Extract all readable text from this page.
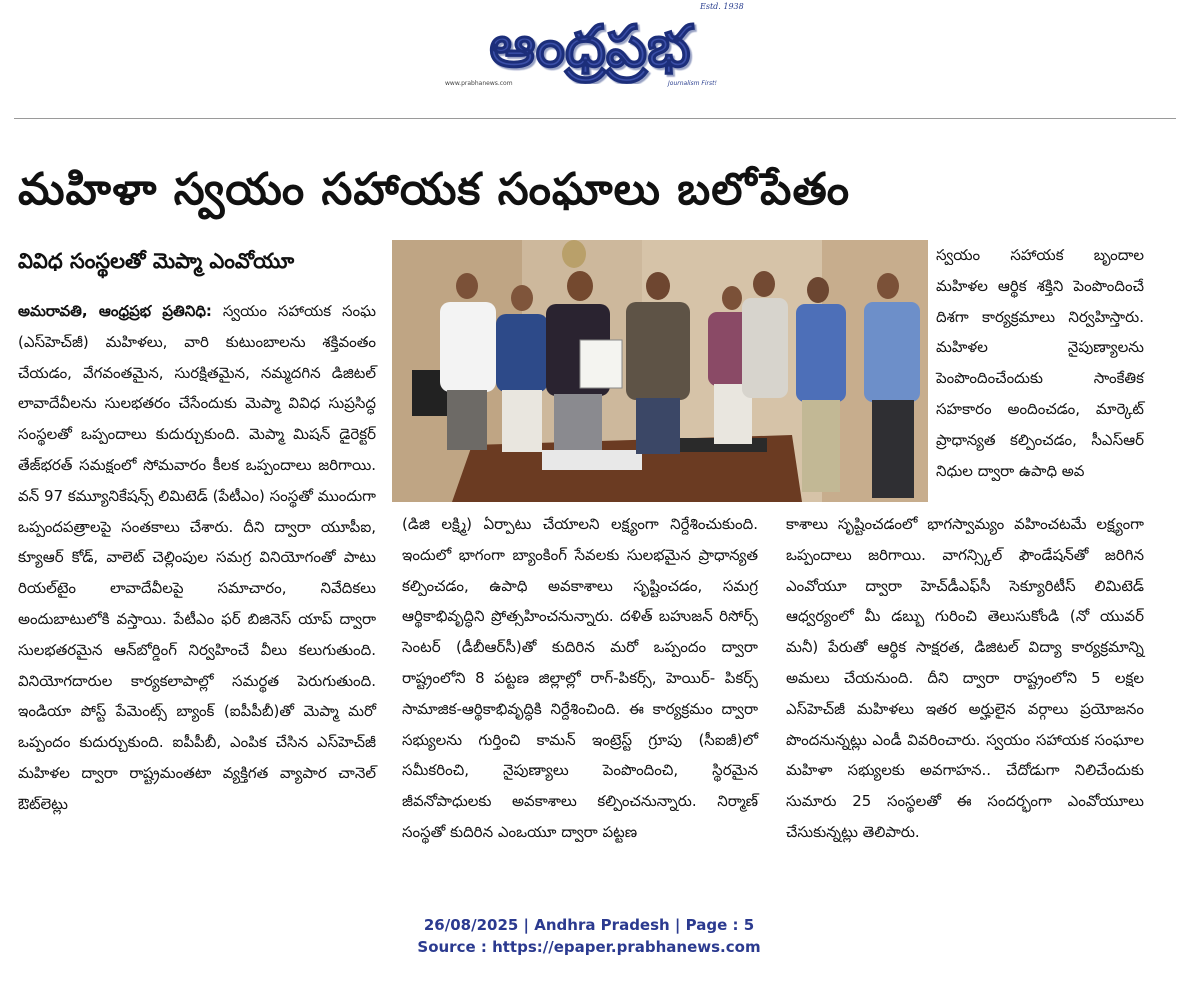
ఆంధ్రప్రభ
Estd. 1938
www.prabhanews.com	Journalism First!
మహిళా స్వయం సహాయక సంఘాలు బలోపేతం
వివిధ సంస్థలతో మెప్మా ఎంవోయూ

అమరావతి, ఆంధ్రప్రభ ప్రతినిధి: స్వయం సహాయక సంఘ (ఎస్‌హెచ్‌జీ) మహిళలు, వారి కుటుంబాలను శక్తివంతం చేయడం, వేగవంతమైన, సురక్షితమైన, నమ్మదగిన డిజిటల్ లావాదేవీలను సులభతరం చేసేందుకు మెప్మా వివిధ సుప్రసిద్ధ సంస్థలతో ఒప్పందాలు కుదుర్చుకుంది. మెప్మా మిషన్ డైరెక్టర్ తేజ్‌భరత్ సమక్షంలో సోమవారం కీలక ఒప్పందాలు జరిగాయి. వన్ 97 కమ్యూనికేషన్స్ లిమిటెడ్ (పేటీఎం) సంస్థతో ముందుగా ఒప్పందపత్రాలపై సంతకాలు చేశారు. దీని ద్వారా యూపీఐ, క్యూఆర్ కోడ్, వాలెట్ చెల్లింపుల సమగ్ర వినియోగంతో పాటు రియల్‌టైం లావాదేవీలపై సమాచారం, నివేదికలు అందుబాటులోకి వస్తాయి. పేటీఎం ఫర్ బిజినెస్ యాప్ ద్వారా సులభతరమైన ఆన్‌బోర్డింగ్ నిర్వహించే వీలు కలుగుతుంది. వినియోగదారుల కార్యకలాపాల్లో సమర్థత పెరుగుతుంది. ఇండియా పోస్ట్ పేమెంట్స్ బ్యాంక్ (ఐపీపీబీ)తో మెప్మా మరో ఒప్పందం కుదుర్చుకుంది. ఐపీపీబీ, ఎంపిక చేసిన ఎస్‌హెచ్‌జీ మహిళల ద్వారా రాష్ట్రమంతటా వ్యక్తిగత వ్యాపార చానెల్ ఔట్‌లెట్లు

(డిజి లక్ష్మి) ఏర్పాటు చేయాలని లక్ష్యంగా నిర్దేశించుకుంది. ఇందులో భాగంగా బ్యాంకింగ్ సేవలకు సులభమైన ప్రాధాన్యత కల్పించడం, ఉపాధి అవకాశాలు సృష్టించడం, సమగ్ర ఆర్థికాభివృద్ధిని ప్రోత్సహించనున్నారు. దళిత్ బహుజన్ రిసోర్స్ సెంటర్ (డీబీఆర్‌సీ)తో కుదిరిన మరో ఒప్పందం ద్వారా రాష్ట్రంలోని 8 పట్టణ జిల్లాల్లో రాగ్-పికర్స్, హెయిర్- పికర్స్ సామాజిక-ఆర్థికాభివృద్ధికి నిర్దేశించింది. ఈ కార్యక్రమం ద్వారా సభ్యులను గుర్తించి కామన్ ఇంట్రెస్ట్ గ్రూపు (సీఐజీ)లో సమీకరించి, నైపుణ్యాలు పెంపొందించి, స్థిరమైన జీవనోపాధులకు అవకాశాలు కల్పించనున్నారు. నిర్మాణ్ సంస్థతో కుదిరిన ఎంఒయూ ద్వారా పట్టణ

స్వయం సహాయక బృందాల మహిళల ఆర్థిక శక్తిని పెంపొందించే దిశగా కార్యక్రమాలు నిర్వహిస్తారు. మహిళల నైపుణ్యాలను పెంపొందించేందుకు సాంకేతిక సహకారం అందించడం, మార్కెట్ ప్రాధాన్యత కల్పించడం, సీఎస్ఆర్ నిధుల ద్వారా ఉపాధి అవ

కాశాలు సృష్టించడంలో భాగస్వామ్యం వహించటమే లక్ష్యంగా ఒప్పందాలు జరిగాయి. వాగన్స్కిల్ ఫౌండేషన్‌తో జరిగిన ఎంవోయూ ద్వారా హెచ్‌డీఎఫ్‌సీ సెక్యూరిటీస్ లిమిటెడ్ ఆధ్వర్యంలో మీ డబ్బు గురించి తెలుసుకోండి (నో యువర్ మనీ) పేరుతో ఆర్థిక సాక్షరత, డిజిటల్ విద్యా కార్యక్రమాన్ని అమలు చేయనుంది. దీని ద్వారా రాష్ట్రంలోని 5 లక్షల ఎస్‌హెచ్‌జీ మహిళలు ఇతర అర్హులైన వర్గాలు ప్రయోజనం పొందనున్నట్లు ఎండీ వివరించారు. స్వయం సహాయక సంఘాల మహిళా సభ్యులకు అవగాహన.. చేదోడుగా నిలిచేందుకు సుమారు 25 సంస్థలతో ఈ సందర్భంగా ఎంవోయూలు చేసుకున్నట్లు తెలిపారు.

26/08/2025 | Andhra Pradesh | Page : 5
Source : https://epaper.prabhanews.com
